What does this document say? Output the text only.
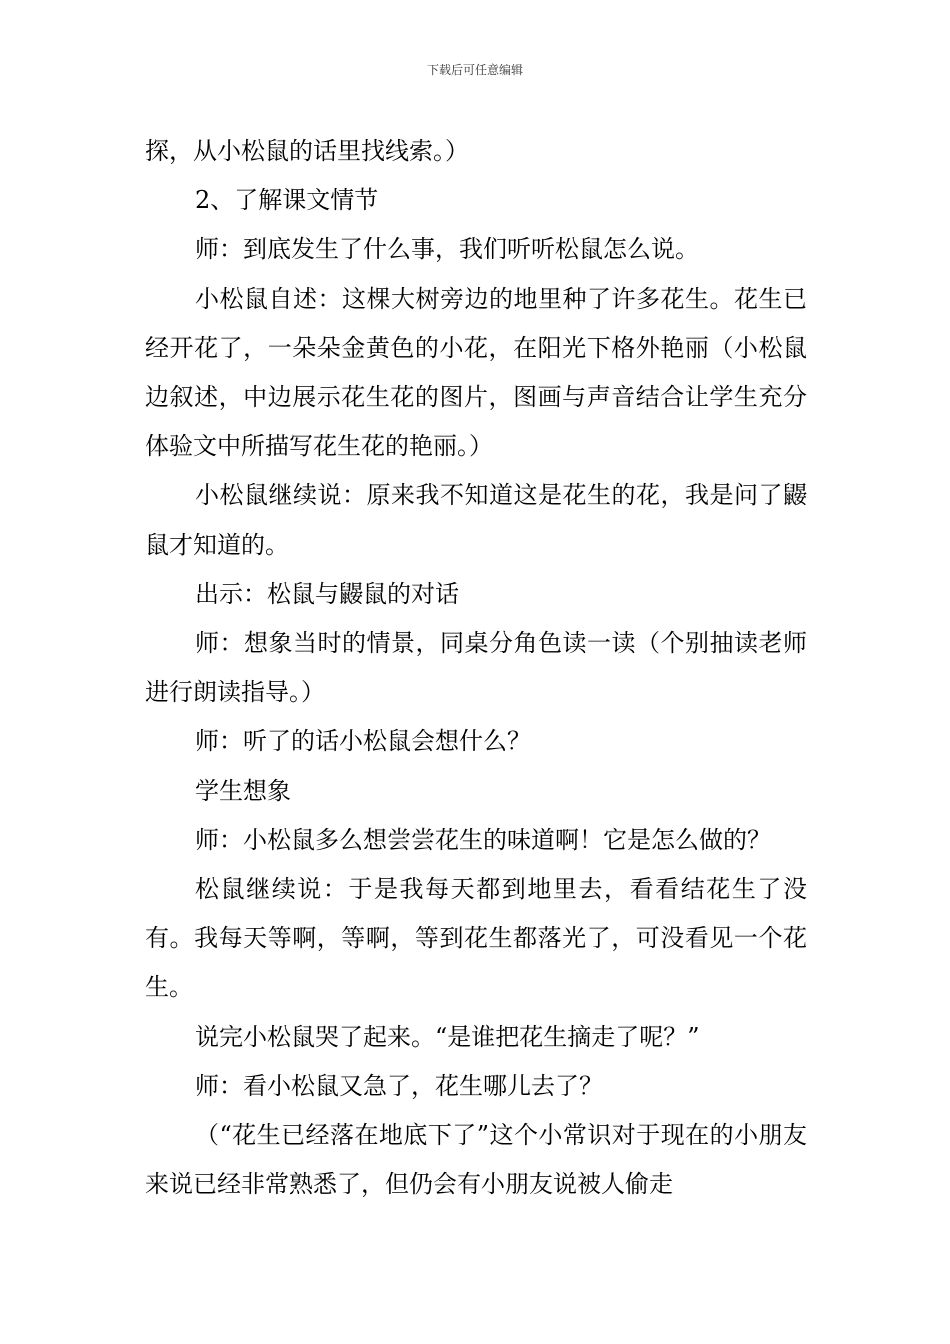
下载后可任意编辑

探，从小松鼠的话里找线索。）

2、了解课文情节

师：到底发生了什么事，我们听听松鼠怎么说。

小松鼠自述：这棵大树旁边的地里种了许多花生。花生已经开花了，一朵朵金黄色的小花，在阳光下格外艳丽（小松鼠边叙述，中边展示花生花的图片，图画与声音结合让学生充分体验文中所描写花生花的艳丽。）

小松鼠继续说：原来我不知道这是花生的花，我是问了鼹鼠才知道的。

出示：松鼠与鼹鼠的对话

师：想象当时的情景，同桌分角色读一读（个别抽读老师进行朗读指导。）

师：听了的话小松鼠会想什么？

学生想象

师：小松鼠多么想尝尝花生的味道啊！它是怎么做的？

松鼠继续说：于是我每天都到地里去，看看结花生了没有。我每天等啊，等啊，等到花生都落光了，可没看见一个花生。

说完小松鼠哭了起来。“是谁把花生摘走了呢？”

师：看小松鼠又急了，花生哪儿去了？

（“花生已经落在地底下了”这个小常识对于现在的小朋友来说已经非常熟悉了，但仍会有小朋友说被人偷走
